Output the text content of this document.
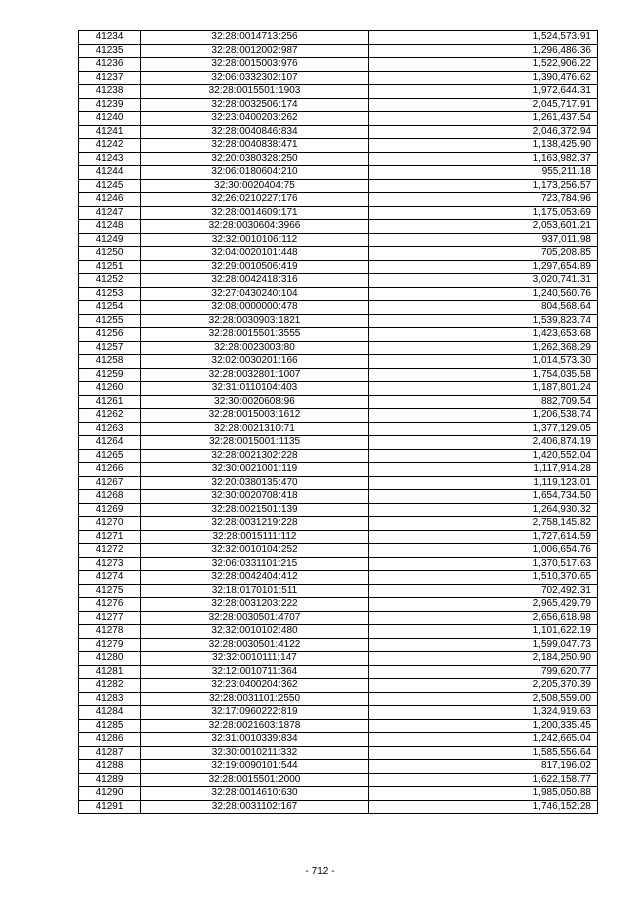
41234	32:28:0014713:256	1,524,573.91
41235	32:28:0012002:987	1,296,486.36
41236	32:28:0015003:976	1,522,906.22
41237	32:06:0332302:107	1,390,476.62
41238	32:28:0015501:1903	1,972,644.31
41239	32:28:0032506:174	2,045,717.91
41240	32:23:0400203:262	1,261,437.54
41241	32:28:0040846:834	2,046,372.94
41242	32:28:0040838:471	1,138,425.90
41243	32:20:0380328:250	1,163,982.37
41244	32:06:0180604:210	955,211.18
41245	32:30:0020404:75	1,173,256.57
41246	32:26:0210227:176	723,784.96
41247	32:28:0014609:171	1,175,053.69
41248	32:28:0030604:3966	2,053,601.21
41249	32:32:0010106:112	937,011.98
41250	32:04:0020101:448	705,208.85
41251	32:29:0010506:419	1,297,654.89
41252	32:28:0042418:316	3,020,741.31
41253	32:27:0430240:104	1,240,560.76
41254	32:08:0000000:478	804,568.64
41255	32:28:0030903:1821	1,539,823.74
41256	32:28:0015501:3555	1,423,653.68
41257	32:28:0023003:80	1,262,368.29
41258	32:02:0030201:166	1,014,573.30
41259	32:28:0032801:1007	1,754,035.58
41260	32:31:0110104:403	1,187,801.24
41261	32:30:0020608:96	882,709.54
41262	32:28:0015003:1612	1,206,538.74
41263	32:28:0021310:71	1,377,129.05
41264	32:28:0015001:1135	2,406,874.19
41265	32:28:0021302:228	1,420,552.04
41266	32:30:0021001:119	1,117,914.28
41267	32:20:0380135:470	1,119,123.01
41268	32:30:0020708:418	1,654,734.50
41269	32:28:0021501:139	1,264,930.32
41270	32:28:0031219:228	2,758,145.82
41271	32:28:0015111:112	1,727,614.59
41272	32:32:0010104:252	1,006,654.76
41273	32:06:0331101:215	1,370,517.63
41274	32:28:0042404:412	1,510,370.65
41275	32:18:0170101:511	702,492.31
41276	32:28:0031203:222	2,965,429.79
41277	32:28:0030501:4707	2,656,618.98
41278	32:32:0010102:480	1,101,622.19
41279	32:28:0030501:4122	1,599,047.73
41280	32:32:0010111:147	2,184,250.90
41281	32:12:0010711:364	799,620.77
41282	32:23:0400204:362	2,205,370.39
41283	32:28:0031101:2550	2,508,559.00
41284	32:17:0960222:819	1,324,919.63
41285	32:28:0021603:1878	1,200,335.45
41286	32:31:0010339:834	1,242,665.04
41287	32:30:0010211:332	1,585,556.64
41288	32:19:0090101:544	817,196.02
41289	32:28:0015501:2000	1,622,158.77
41290	32:28:0014610:630	1,985,050.88
41291	32:28:0031102:167	1,746,152.28
- 712 -
